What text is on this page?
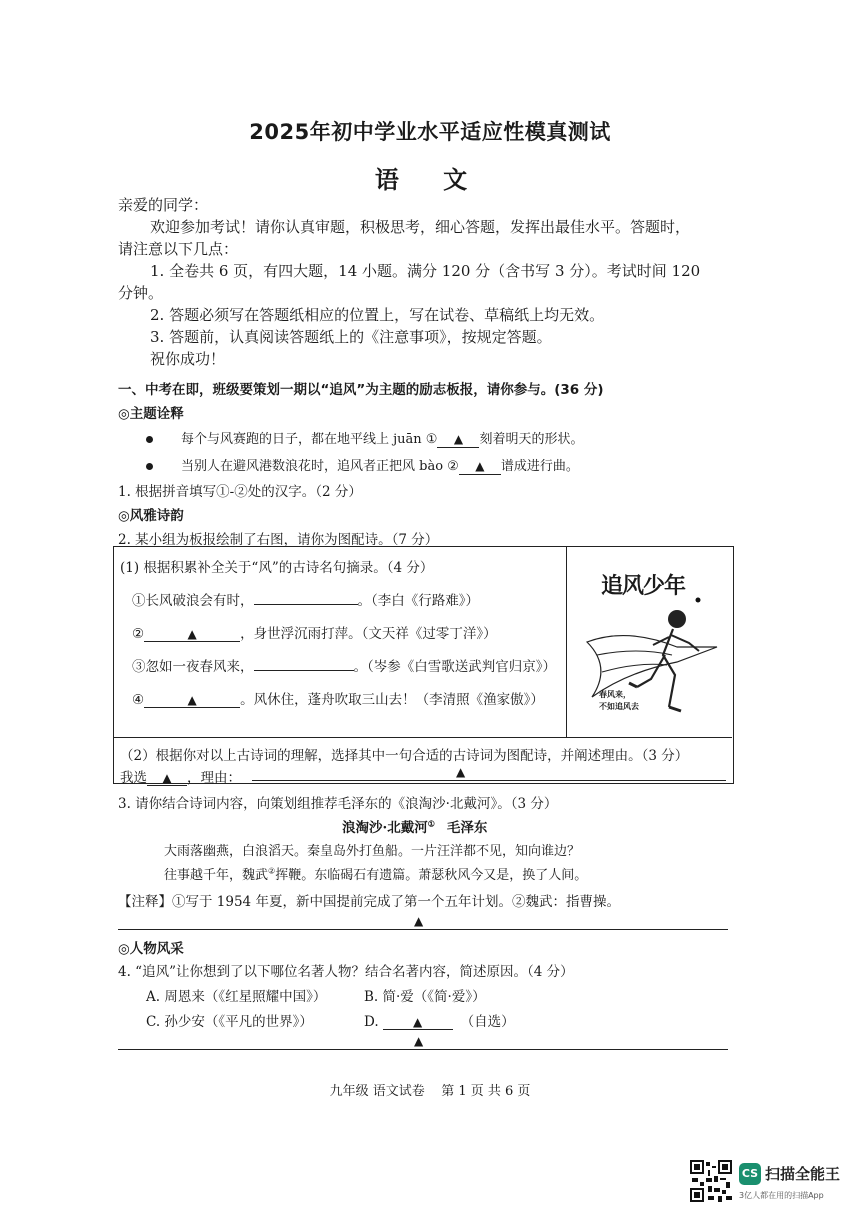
2025年初中学业水平适应性模真测试
语 文
亲爱的同学：
欢迎参加考试！请你认真审题，积极思考，细心答题，发挥出最佳水平。答题时，
请注意以下几点：
1. 全卷共 6 页，有四大题，14 小题。满分 120 分（含书写 3 分）。考试时间 120
分钟。
2. 答题必须写在答题纸相应的位置上，写在试卷、草稿纸上均无效。
3. 答题前，认真阅读答题纸上的《注意事项》，按规定答题。
祝你成功！
一、中考在即，班级要策划一期以“追风”为主题的励志板报，请你参与。(36 分)
◎主题诠释
每个与风赛跑的日子，都在地平线上 juān ① ▲ 刻着明天的形状。
当别人在避风港数浪花时，追风者正把风 bào ② ▲ 谱成进行曲。
1. 根据拼音填写①-②处的汉字。（2 分）
◎风雅诗韵
2. 某小组为板报绘制了右图，请你为图配诗。（7 分）
(1) 根据积累补全关于“风”的古诗名句摘录。（4 分）
①长风破浪会有时，	。（李白《行路难》）
②	▲	，身世浮沉雨打萍。（文天祥《过零丁洋》）
③忽如一夜春风来，	。（岑参《白雪歌送武判官归京》）
④	▲	。风休住，蓬舟吹取三山去！（李清照《渔家傲》）
追风少年
春风来，
不如追风去
（2）根据你对以上古诗词的理解，选择其中一句合适的古诗词为图配诗，并阐述理由。（3 分）
我选 ▲ ，理由：	▲
3. 请你结合诗词内容，向策划组推荐毛泽东的《浪淘沙·北戴河》。（3 分）
浪淘沙·北戴河① 毛泽东
大雨落幽燕，白浪滔天。秦皇岛外打鱼船。一片汪洋都不见，知向谁边？
往事越千年，魏武②挥鞭。东临碣石有遗篇。萧瑟秋风今又是，换了人间。
【注释】①写于 1954 年夏，新中国提前完成了第一个五年计划。②魏武：指曹操。
▲
◎人物风采
4. “追风”让你想到了以下哪位名著人物？结合名著内容，简述原因。（4 分）
A. 周恩来（《红星照耀中国》）	B. 简·爱（《简·爱》）
C. 孙少安（《平凡的世界》）	D.	▲	（自选）
▲
九年级 语文试卷    第 1 页 共 6 页
CS 扫描全能王
3亿人都在用的扫描App
